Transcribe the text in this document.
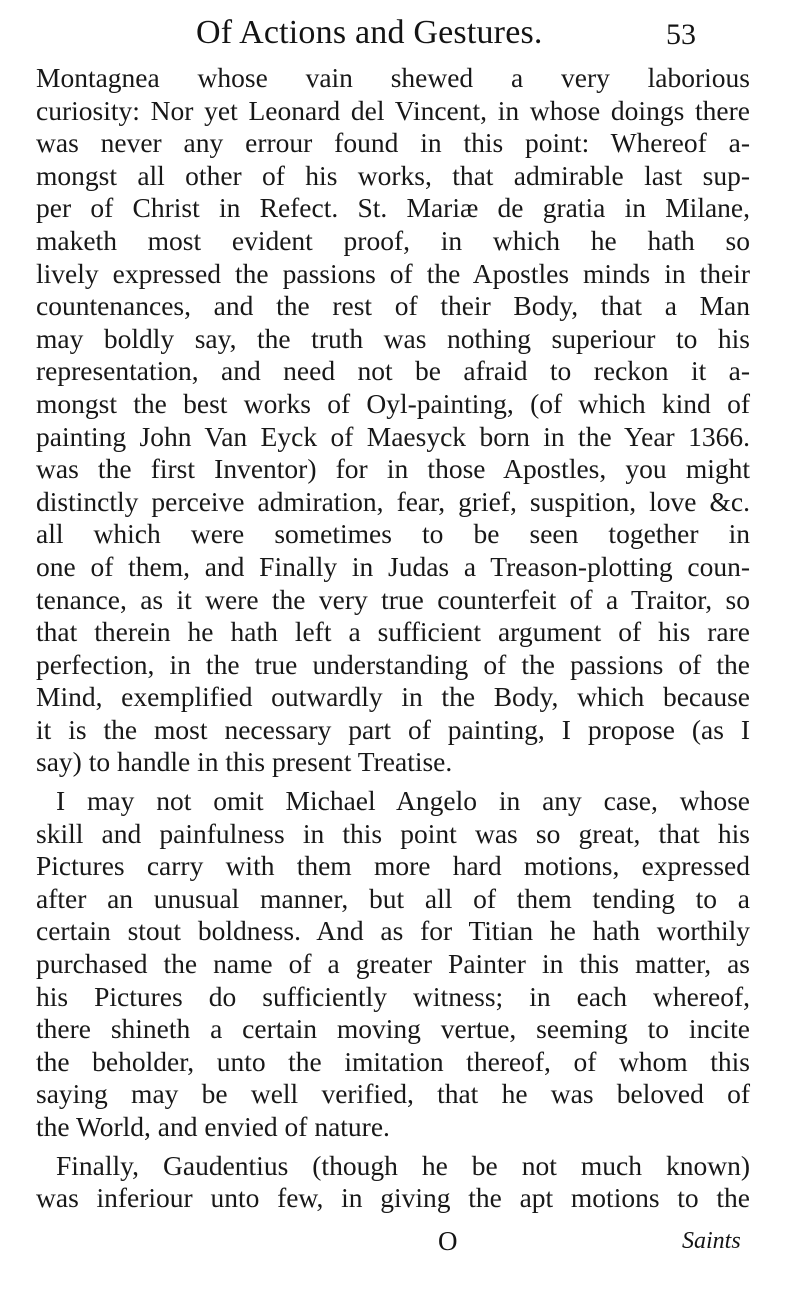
Of Actions and Gestures.	53
Montagnea whose vain shewed a very laborious
curiosity: Nor yet Leonard del Vincent, in whose doings there
was never any errour found in this point: Whereof a-
mongst all other of his works, that admirable last sup-
per of Christ in Refect. St. Mariæ de gratia in Milane,
maketh most evident proof, in which he hath so
lively expressed the passions of the Apostles minds in their
countenances, and the rest of their Body, that a Man
may boldly say, the truth was nothing superiour to his
representation, and need not be afraid to reckon it a-
mongst the best works of Oyl-painting, (of which kind of
painting John Van Eyck of Maesyck born in the Year 1366.
was the first Inventor) for in those Apostles, you might
distinctly perceive admiration, fear, grief, suspition, love &c.
all which were sometimes to be seen together in
one of them, and Finally in Judas a Treason-plotting coun-
tenance, as it were the very true counterfeit of a Traitor, so
that therein he hath left a sufficient argument of his rare
perfection, in the true understanding of the passions of the
Mind, exemplified outwardly in the Body, which because
it is the most necessary part of painting, I propose (as I
say) to handle in this present Treatise.
I may not omit Michael Angelo in any case, whose
skill and painfulness in this point was so great, that his
Pictures carry with them more hard motions, expressed
after an unusual manner, but all of them tending to a
certain stout boldness. And as for Titian he hath worthily
purchased the name of a greater Painter in this matter, as
his Pictures do sufficiently witness; in each whereof,
there shineth a certain moving vertue, seeming to incite
the beholder, unto the imitation thereof, of whom this
saying may be well verified, that he was beloved of
the World, and envied of nature.
Finally, Gaudentius (though he be not much known)
was inferiour unto few, in giving the apt motions to the
O	Saints
